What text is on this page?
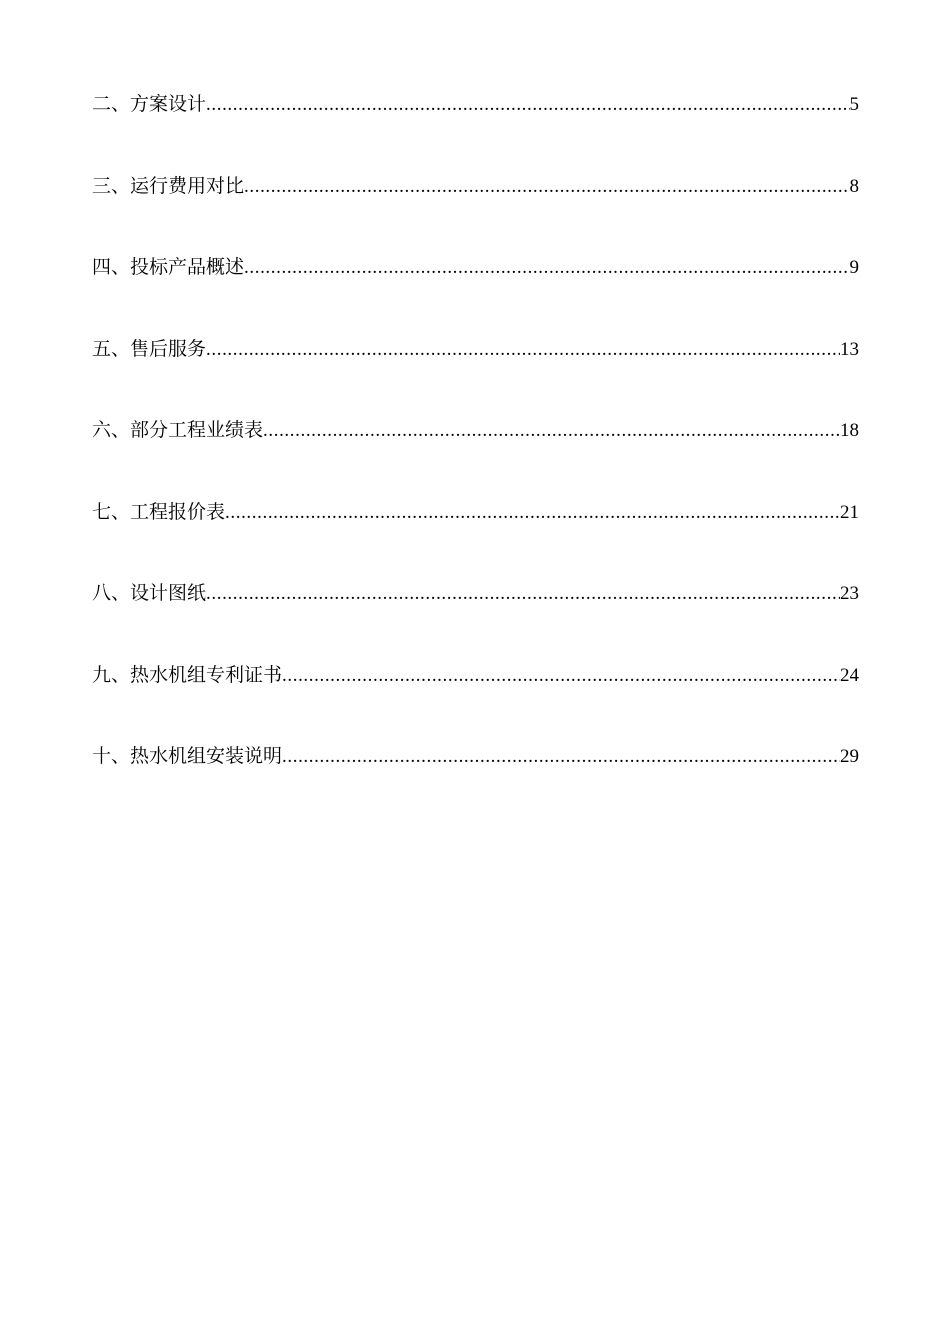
二、方案设计 .....	5
三、运行费用对比 .....	8
四、投标产品概述 .....	9
五、售后服务 .....	13
六、部分工程业绩表 .....	18
七、工程报价表 .....	21
八、设计图纸 .....	23
九、热水机组专利证书 .....	24
十、热水机组安装说明 .....	29
